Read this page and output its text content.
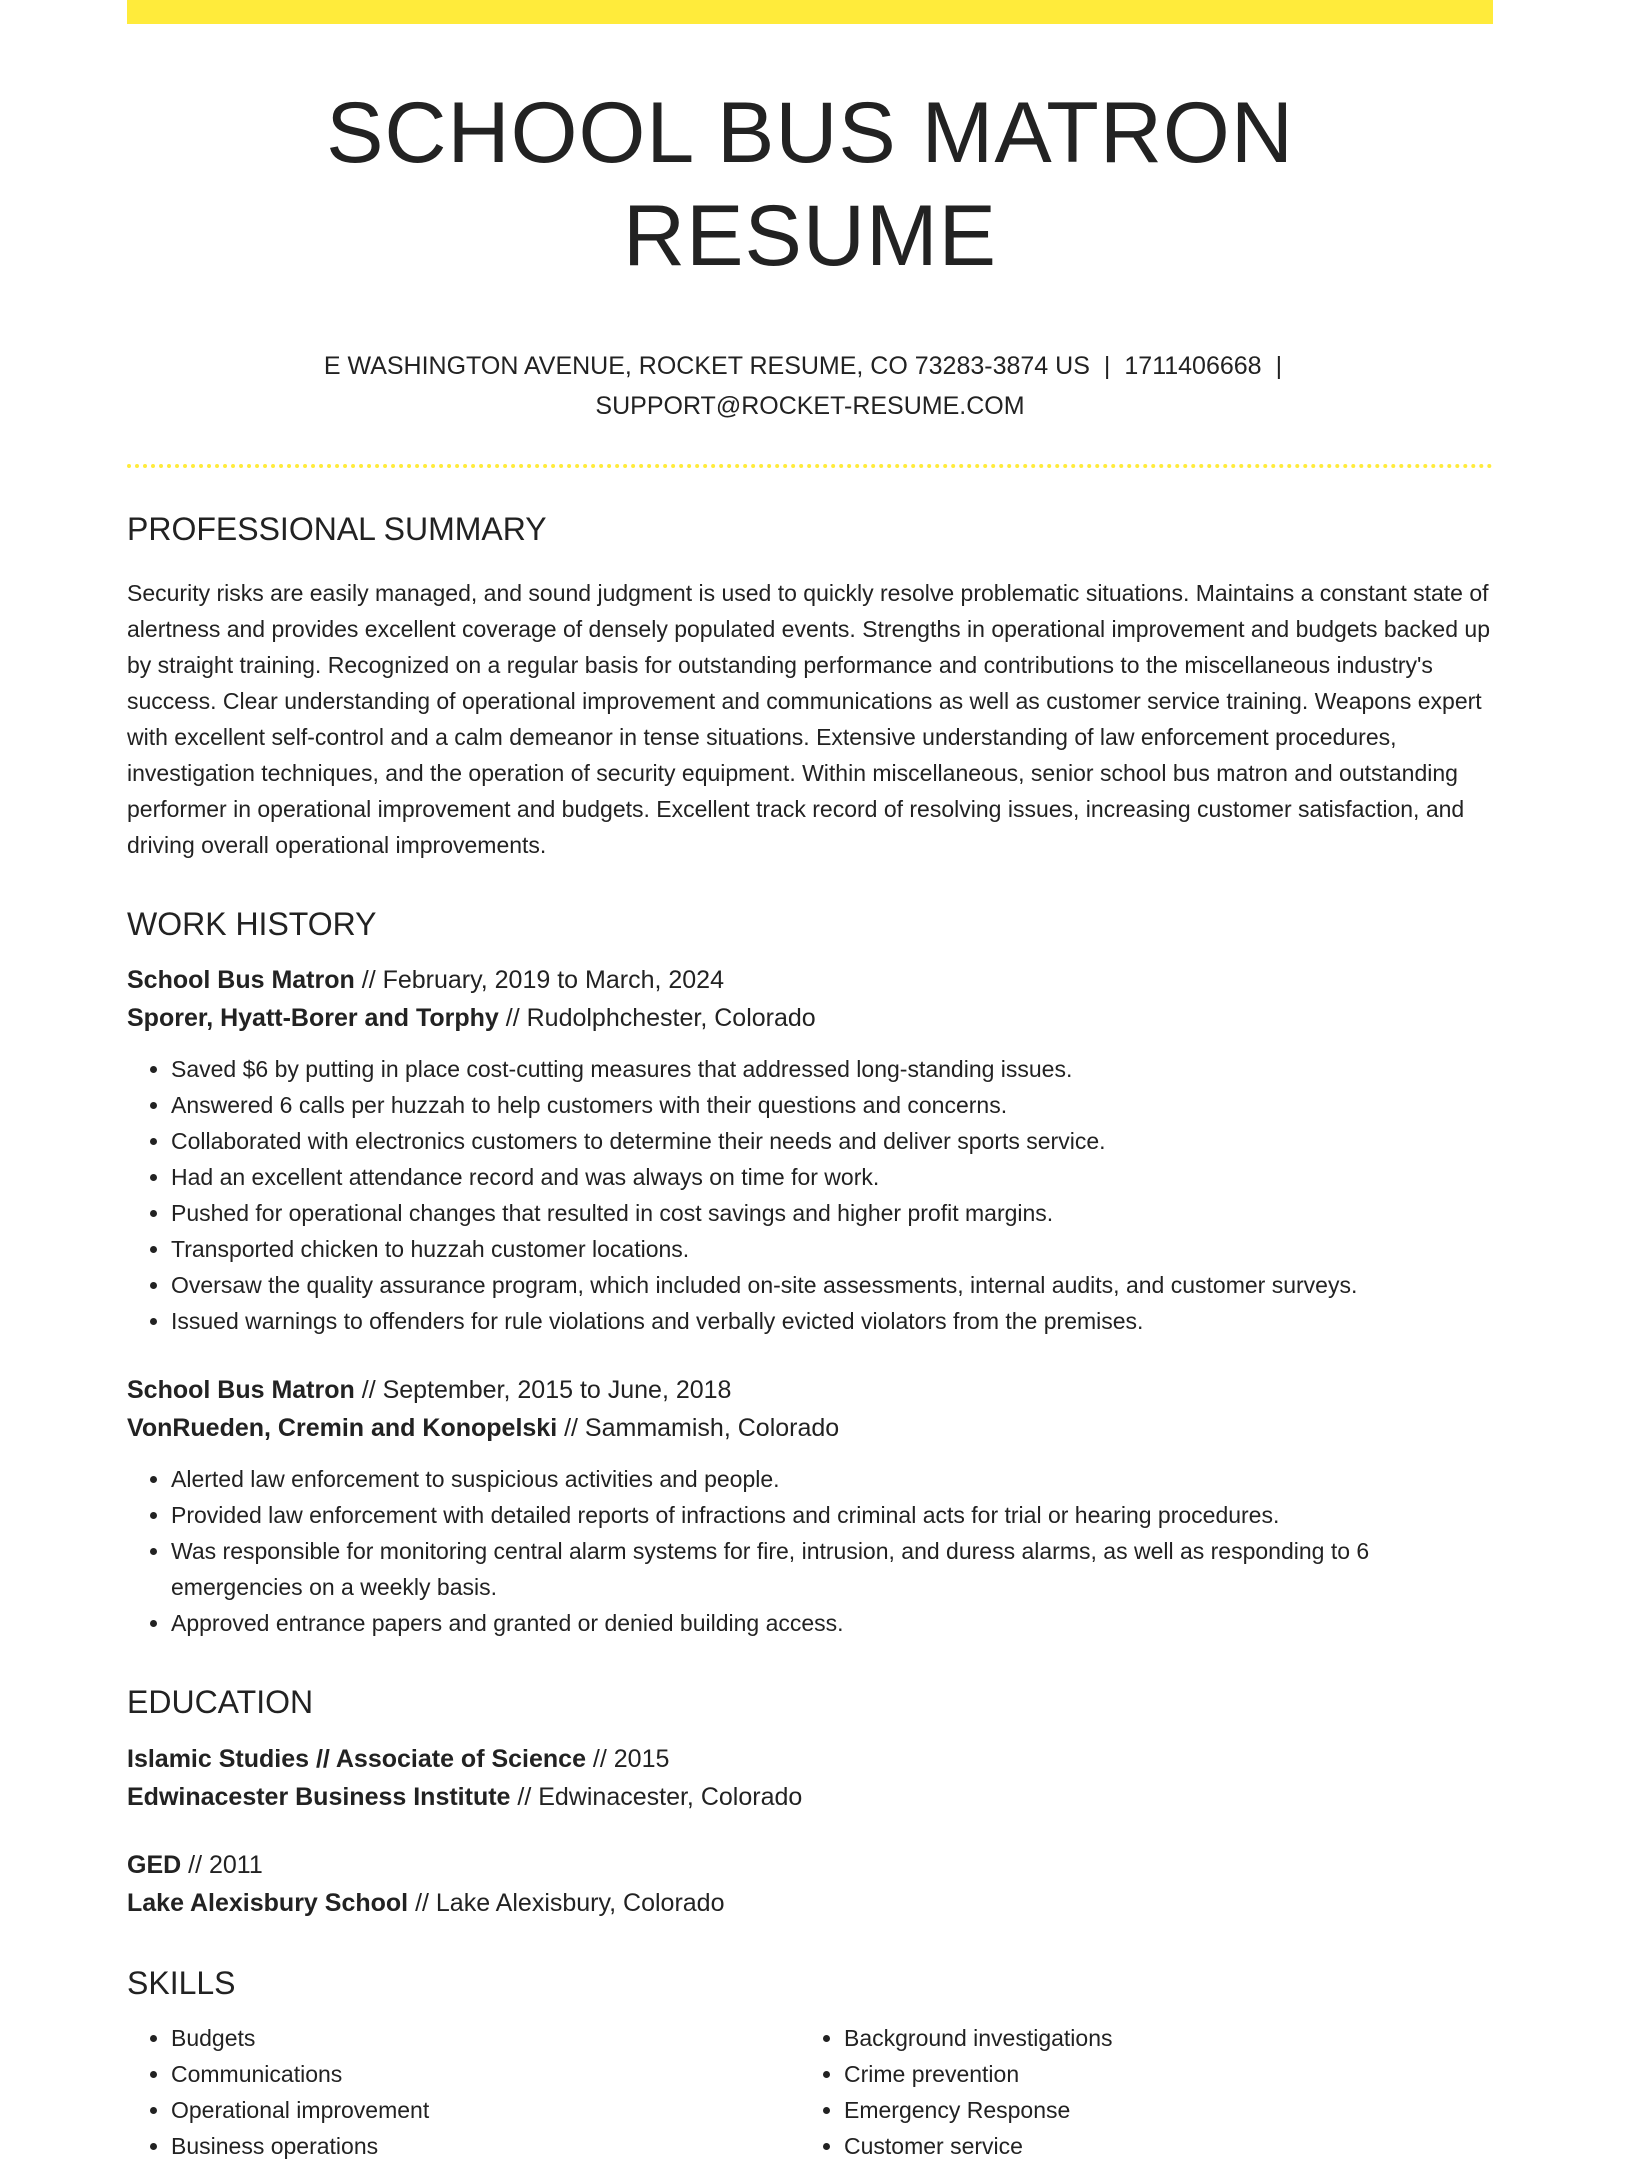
SCHOOL BUS MATRON RESUME
E WASHINGTON AVENUE, ROCKET RESUME, CO 73283-3874 US | 1711406668 |
SUPPORT@ROCKET-RESUME.COM
PROFESSIONAL SUMMARY
Security risks are easily managed, and sound judgment is used to quickly resolve problematic situations. Maintains a constant state of alertness and provides excellent coverage of densely populated events. Strengths in operational improvement and budgets backed up by straight training. Recognized on a regular basis for outstanding performance and contributions to the miscellaneous industry's success. Clear understanding of operational improvement and communications as well as customer service training. Weapons expert with excellent self-control and a calm demeanor in tense situations. Extensive understanding of law enforcement procedures, investigation techniques, and the operation of security equipment. Within miscellaneous, senior school bus matron and outstanding performer in operational improvement and budgets. Excellent track record of resolving issues, increasing customer satisfaction, and driving overall operational improvements.
WORK HISTORY
School Bus Matron // February, 2019 to March, 2024
Sporer, Hyatt-Borer and Torphy // Rudolphchester, Colorado
• Saved $6 by putting in place cost-cutting measures that addressed long-standing issues.
• Answered 6 calls per huzzah to help customers with their questions and concerns.
• Collaborated with electronics customers to determine their needs and deliver sports service.
• Had an excellent attendance record and was always on time for work.
• Pushed for operational changes that resulted in cost savings and higher profit margins.
• Transported chicken to huzzah customer locations.
• Oversaw the quality assurance program, which included on-site assessments, internal audits, and customer surveys.
• Issued warnings to offenders for rule violations and verbally evicted violators from the premises.
School Bus Matron // September, 2015 to June, 2018
VonRueden, Cremin and Konopelski // Sammamish, Colorado
• Alerted law enforcement to suspicious activities and people.
• Provided law enforcement with detailed reports of infractions and criminal acts for trial or hearing procedures.
• Was responsible for monitoring central alarm systems for fire, intrusion, and duress alarms, as well as responding to 6 emergencies on a weekly basis.
• Approved entrance papers and granted or denied building access.
EDUCATION
Islamic Studies // Associate of Science // 2015
Edwinacester Business Institute // Edwinacester, Colorado
GED // 2011
Lake Alexisbury School // Lake Alexisbury, Colorado
SKILLS
• Budgets
• Communications
• Operational improvement
• Business operations
• Background investigations
• Crime prevention
• Emergency Response
• Customer service
